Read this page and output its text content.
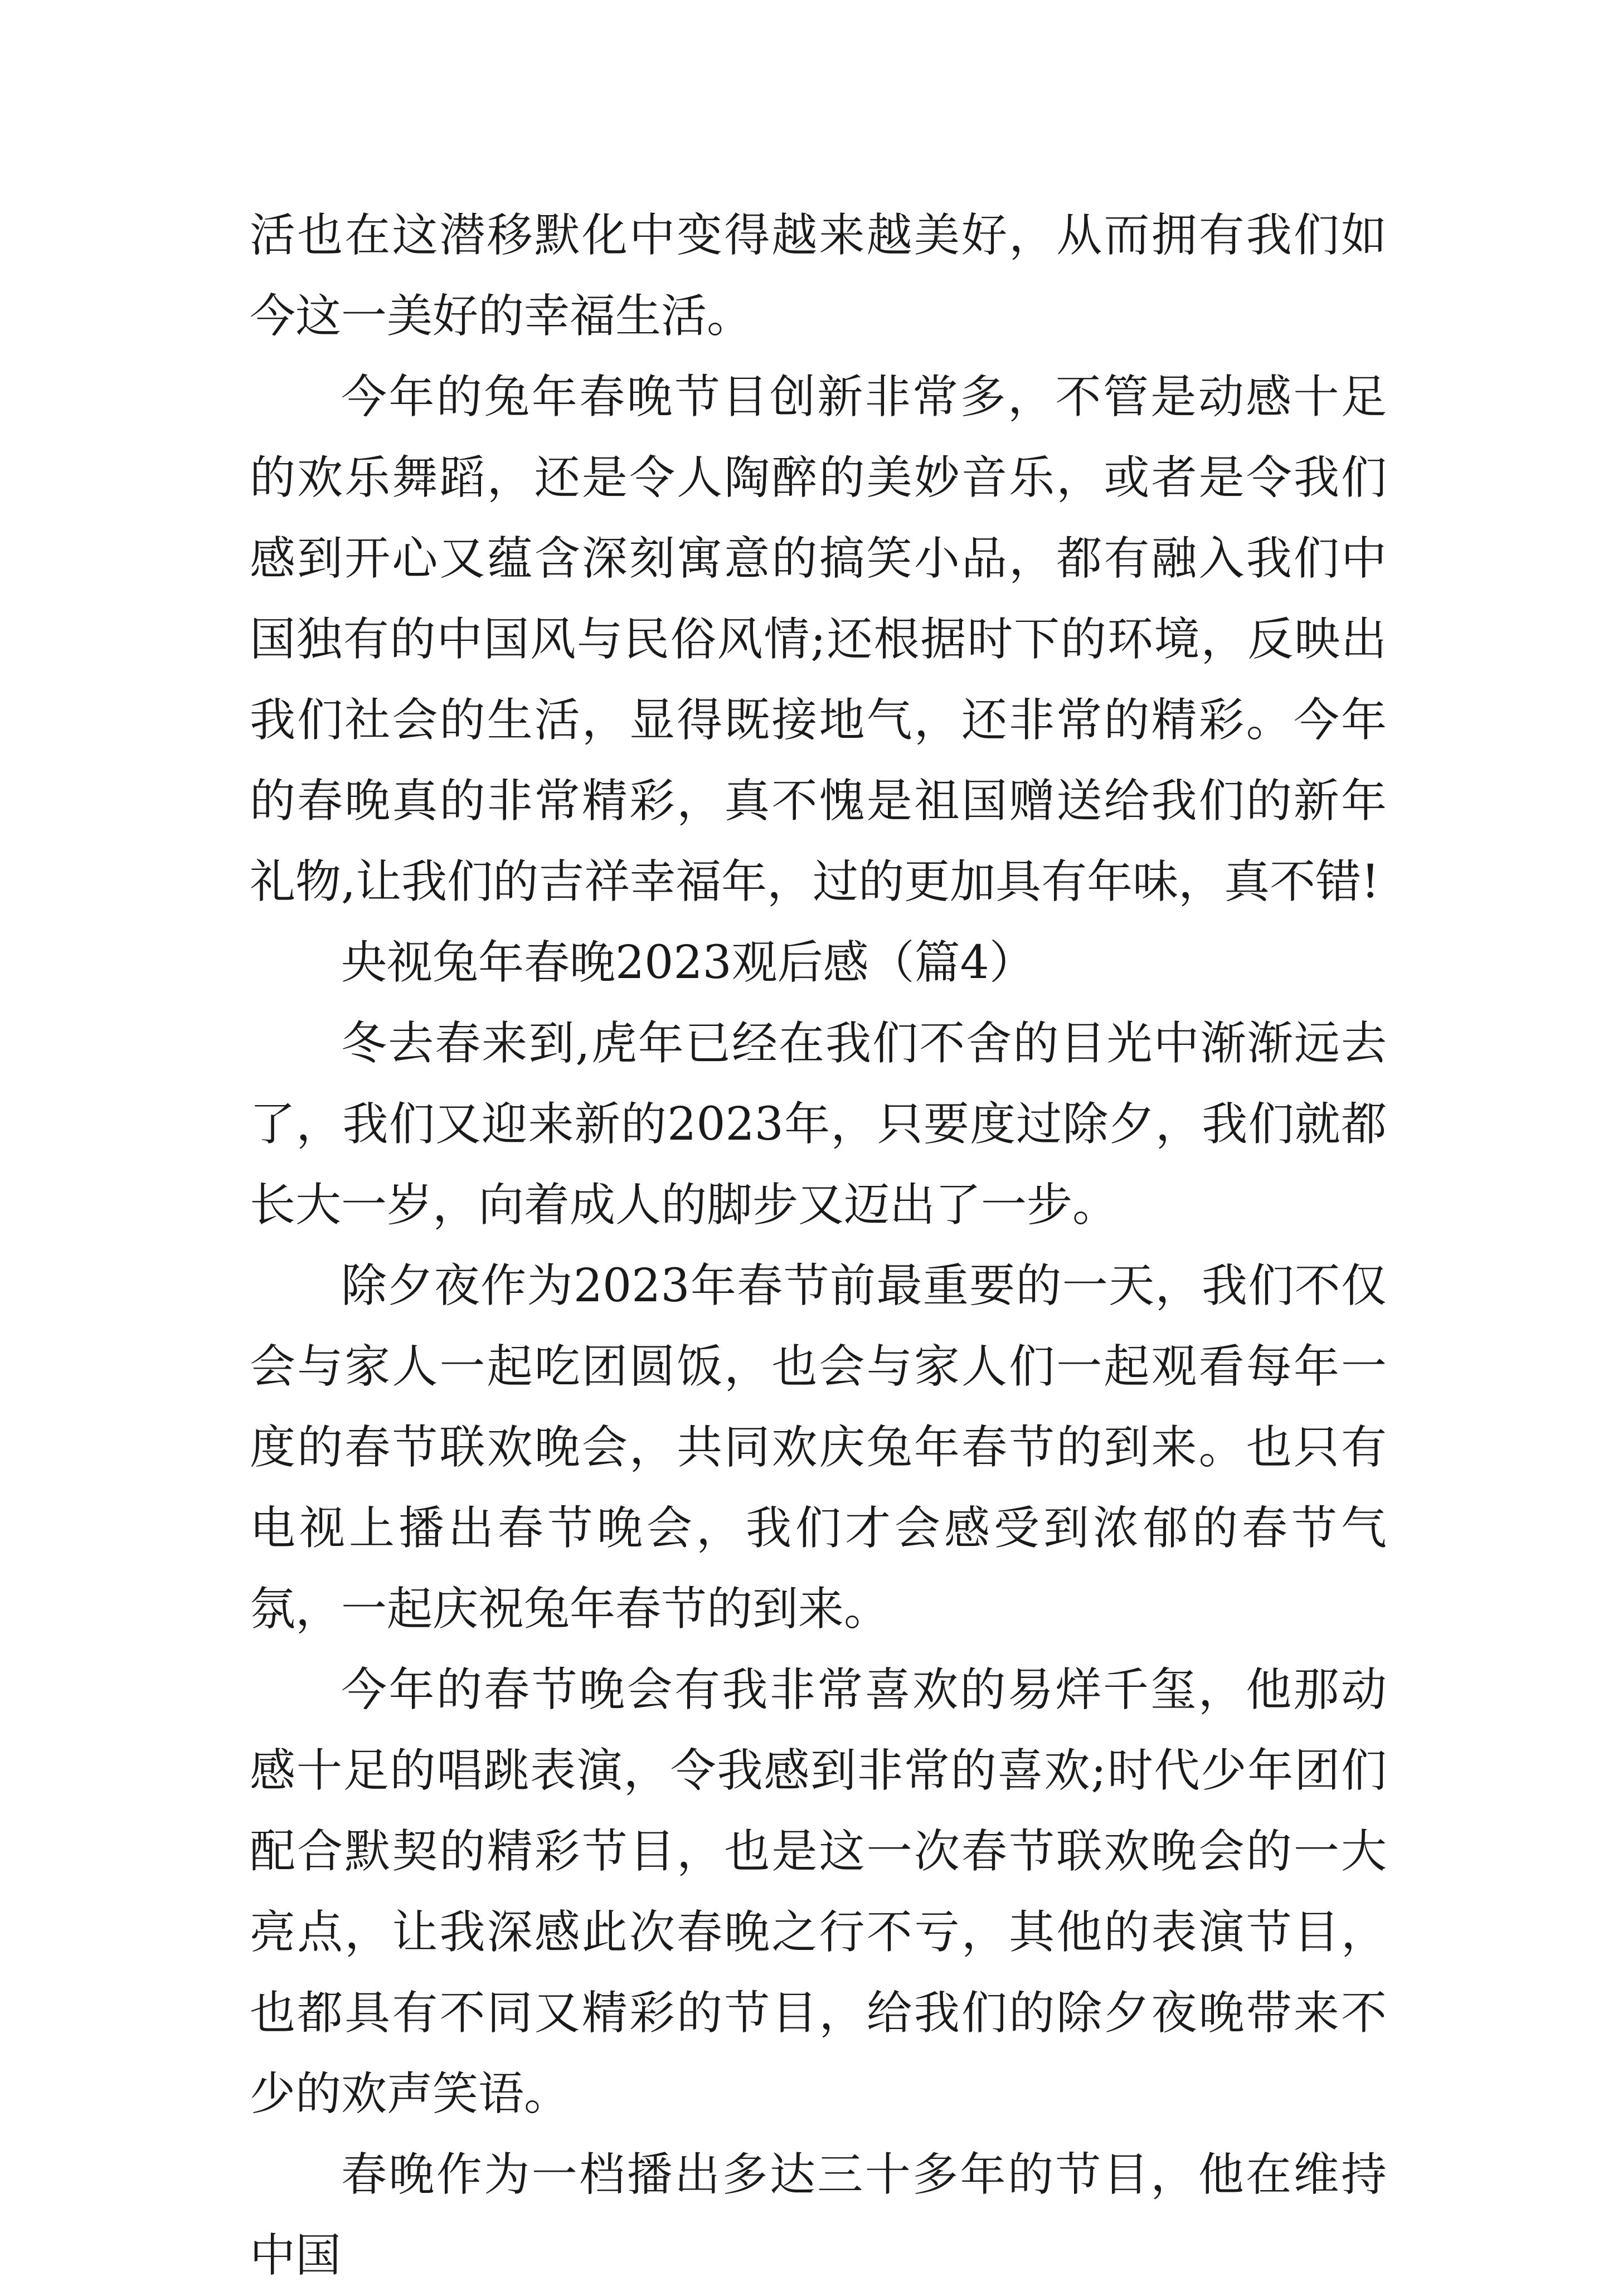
活也在这潜移默化中变得越来越美好，从而拥有我们如今这一美好的幸福生活。

今年的兔年春晚节目创新非常多，不管是动感十足的欢乐舞蹈，还是令人陶醉的美妙音乐，或者是令我们感到开心又蕴含深刻寓意的搞笑小品，都有融入我们中国独有的中国风与民俗风情;还根据时下的环境，反映出我们社会的生活，显得既接地气，还非常的精彩。今年的春晚真的非常精彩，真不愧是祖国赠送给我们的新年礼物,让我们的吉祥幸福年，过的更加具有年味，真不错!

央视兔年春晚2023观后感（篇4）

冬去春来到,虎年已经在我们不舍的目光中渐渐远去了，我们又迎来新的2023年，只要度过除夕，我们就都长大一岁，向着成人的脚步又迈出了一步。

除夕夜作为2023年春节前最重要的一天，我们不仅会与家人一起吃团圆饭，也会与家人们一起观看每年一度的春节联欢晚会，共同欢庆兔年春节的到来。也只有电视上播出春节晚会，我们才会感受到浓郁的春节气氛，一起庆祝兔年春节的到来。

今年的春节晚会有我非常喜欢的易烊千玺，他那动感十足的唱跳表演，令我感到非常的喜欢;时代少年团们配合默契的精彩节目，也是这一次春节联欢晚会的一大亮点，让我深感此次春晚之行不亏，其他的表演节目，也都具有不同又精彩的节目，给我们的除夕夜晚带来不少的欢声笑语。

春晚作为一档播出多达三十多年的节目，他在维持中国
